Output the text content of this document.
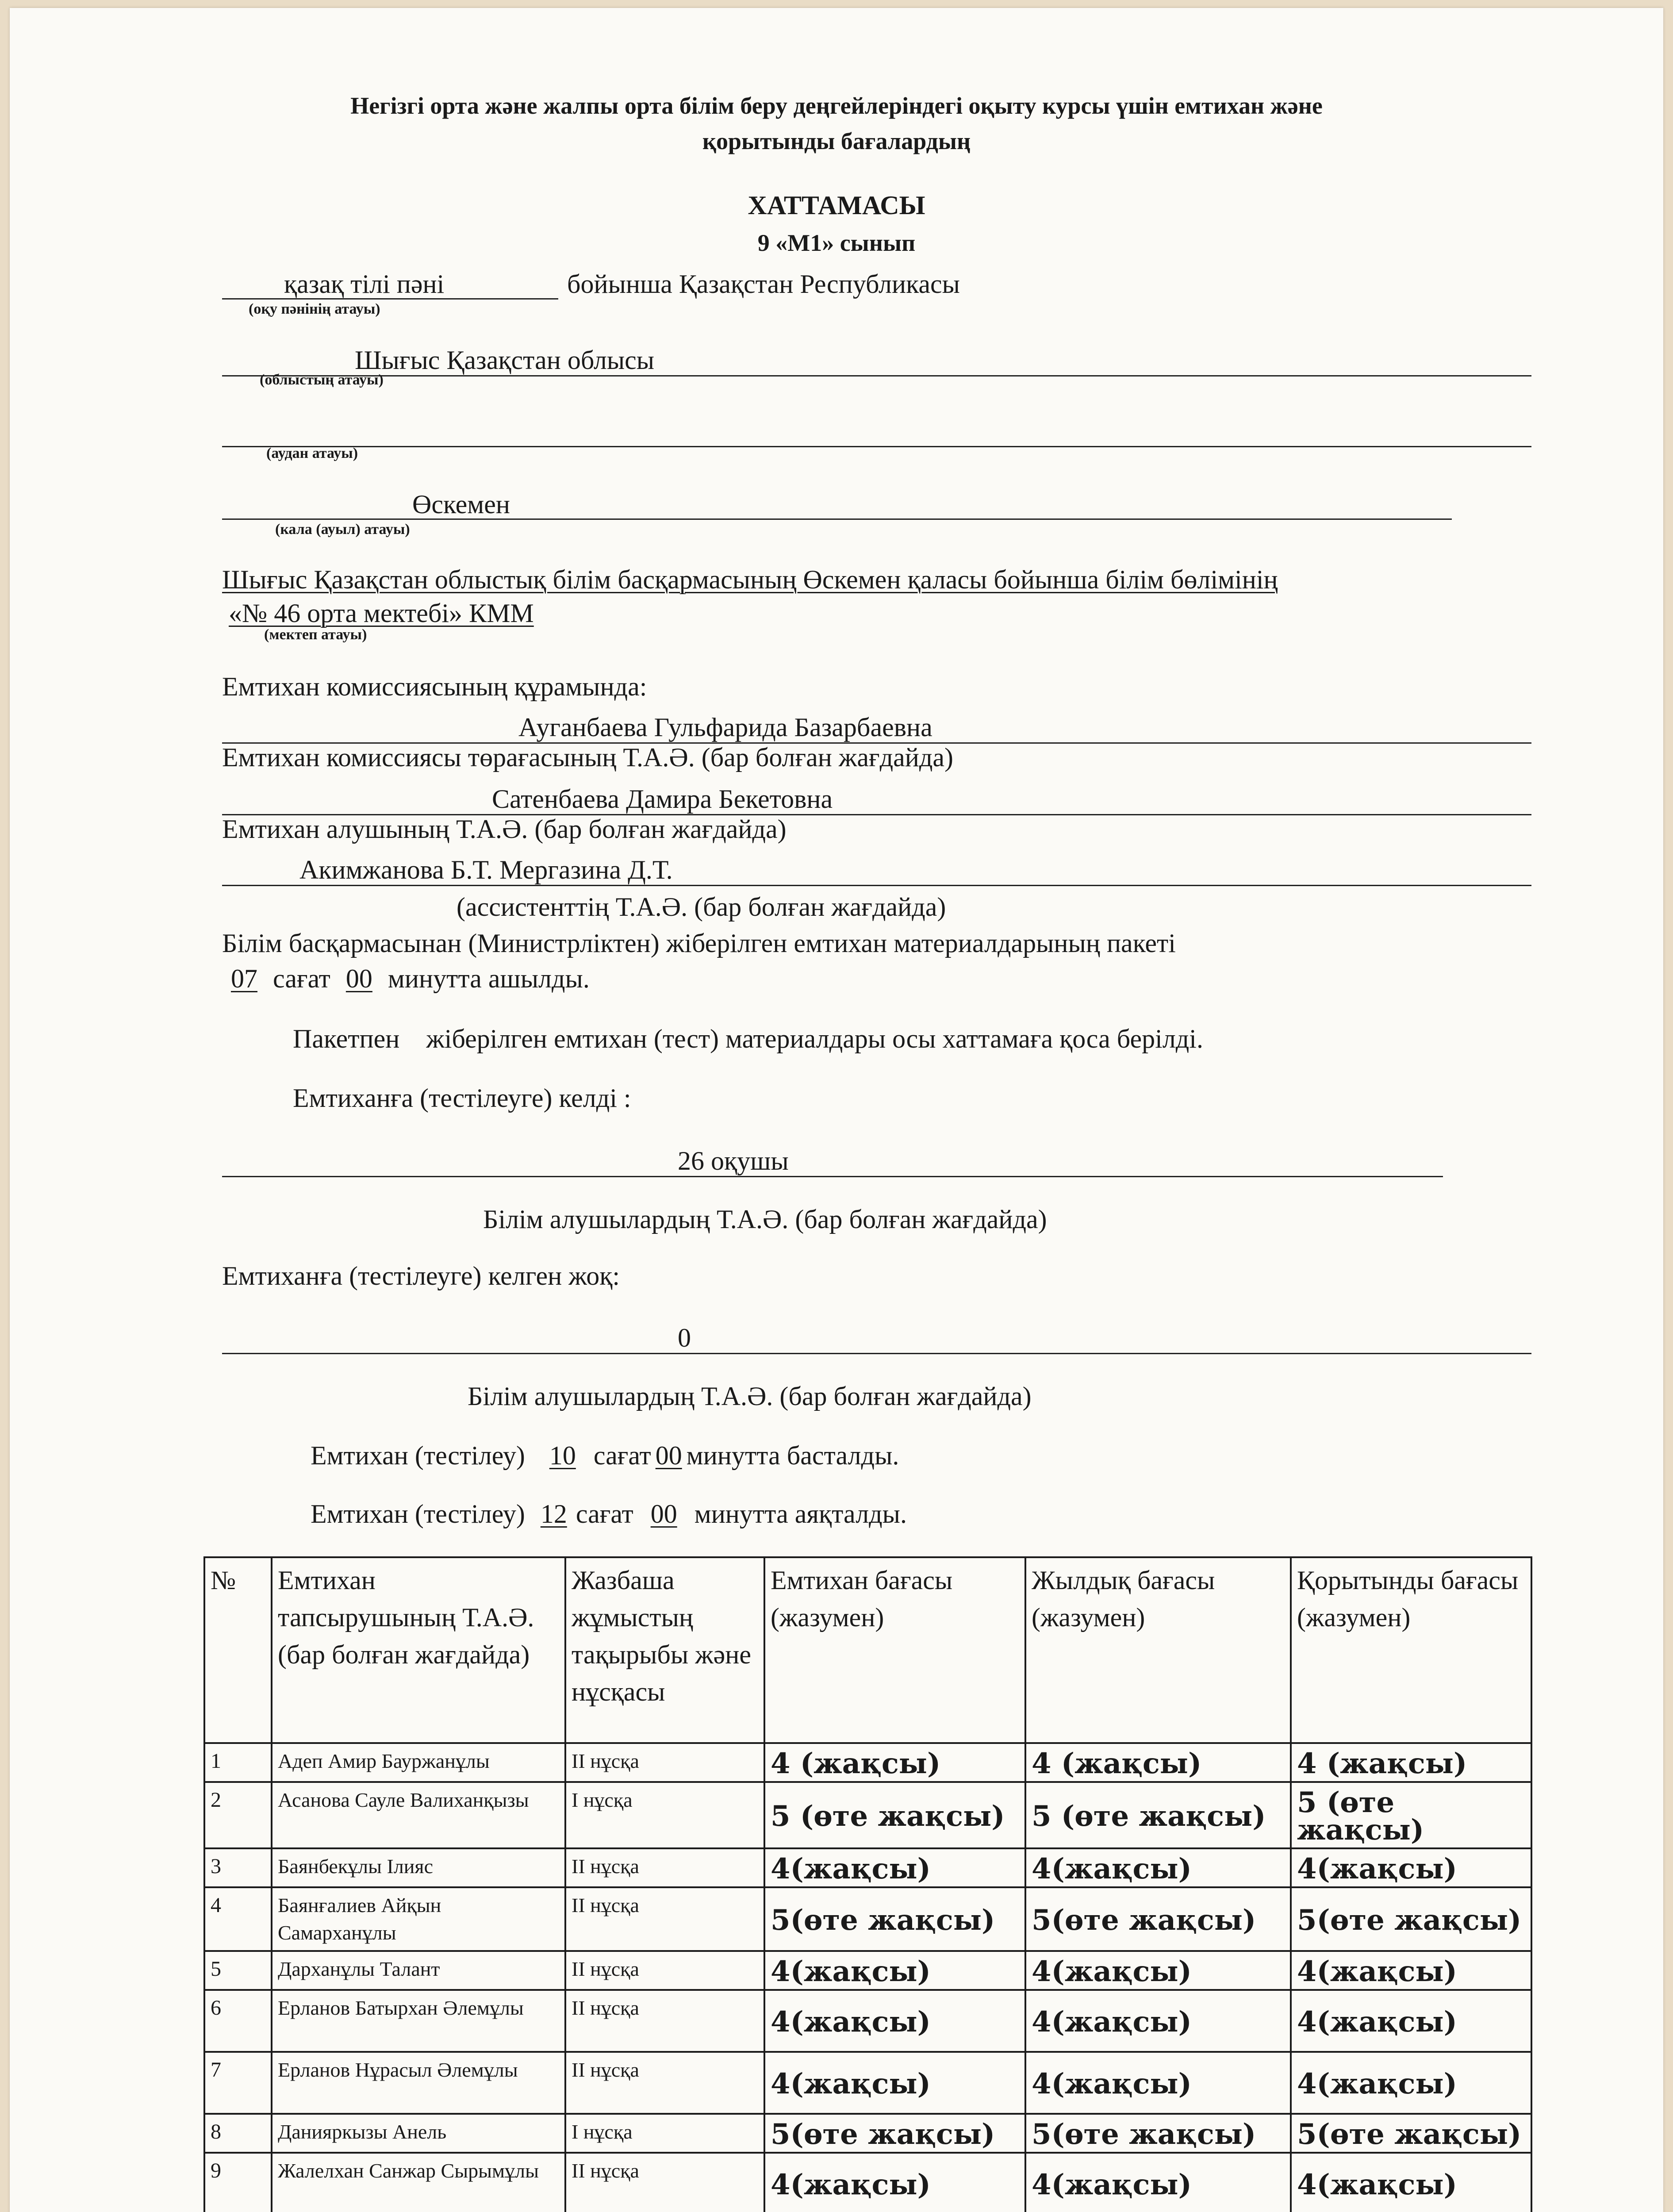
Негізгі орта және жалпы орта білім беру деңгейлеріндегі оқыту курсы үшін емтихан және
қорытынды бағалардың
ХАТТАМАСЫ
9 «М1» сынып
қазақ тілі пәні	бойынша Қазақстан Республикасы
(оқу пәнінің атауы)
Шығыс Қазақстан облысы
(облыстың атауы)
(аудан атауы)
Өскемен
(кала (ауыл) атауы)
Шығыс Қазақстан облыстық білім басқармасының Өскемен қаласы бойынша білім бөлімінің
«№ 46 орта мектебі» КММ
(мектеп атауы)
Емтихан комиссиясының құрамында:
Ауганбаева Гульфарида Базарбаевна
Емтихан комиссиясы төрағасының Т.А.Ә. (бар болған жағдайда)
Сатенбаева Дамира Бекетовна
Емтихан алушының Т.А.Ә. (бар болған жағдайда)
Акимжанова Б.Т. Мергазина Д.Т.
(ассистенттің Т.А.Ә. (бар болған жағдайда)
Білім басқармасынан (Министрліктен) жіберілген емтихан материалдарының пакеті
07 сағат 00 минутта ашылды.
Пакетпен    жіберілген емтихан (тест) материалдары осы хаттамаға қоса берілді.
Емтиханға (тестілеуге) келді :
26 оқушы
Білім алушылардың Т.А.Ә. (бар болған жағдайда)
Емтиханға (тестілеуге) келген жоқ:
0
Білім алушылардың Т.А.Ә. (бар болған жағдайда)
Емтихан (тестілеу) 10 сағат 00 минутта басталды.
Емтихан (тестілеу) 12 сағат 00 минутта аяқталды.
№	Емтихан тапсырушының Т.А.Ә. (бар болған жағдайда)	Жазбаша жұмыстың тақырыбы және нұсқасы	Емтихан бағасы (жазумен)	Жылдық бағасы (жазумен)	Қорытынды бағасы (жазумен)
1	Адеп Амир Бауржанұлы	II нұсқа	4 (жақсы)	4 (жақсы)	4 (жақсы)
2	Асанова Сауле Валиханқызы	I нұсқа	5 (өте жақсы)	5 (өте жақсы)	5 (өте жақсы)
3	Баянбекұлы Ілияс	II нұсқа	4(жақсы)	4(жақсы)	4(жақсы)
4	Баянғалиев Айқын Самарханұлы	II нұсқа	5(өте жақсы)	5(өте жақсы)	5(өте жақсы)
5	Дарханұлы Талант	II нұсқа	4(жақсы)	4(жақсы)	4(жақсы)
6	Ерланов Батырхан Әлемұлы	II нұсқа	4(жақсы)	4(жақсы)	4(жақсы)
7	Ерланов Нұрасыл Әлемұлы	II нұсқа	4(жақсы)	4(жақсы)	4(жақсы)
8	Данияркызы Анель	I нұсқа	5(өте жақсы)	5(өте жақсы)	5(өте жақсы)
9	Жалелхан Санжар Сырымұлы	II нұсқа	4(жақсы)	4(жақсы)	4(жақсы)
